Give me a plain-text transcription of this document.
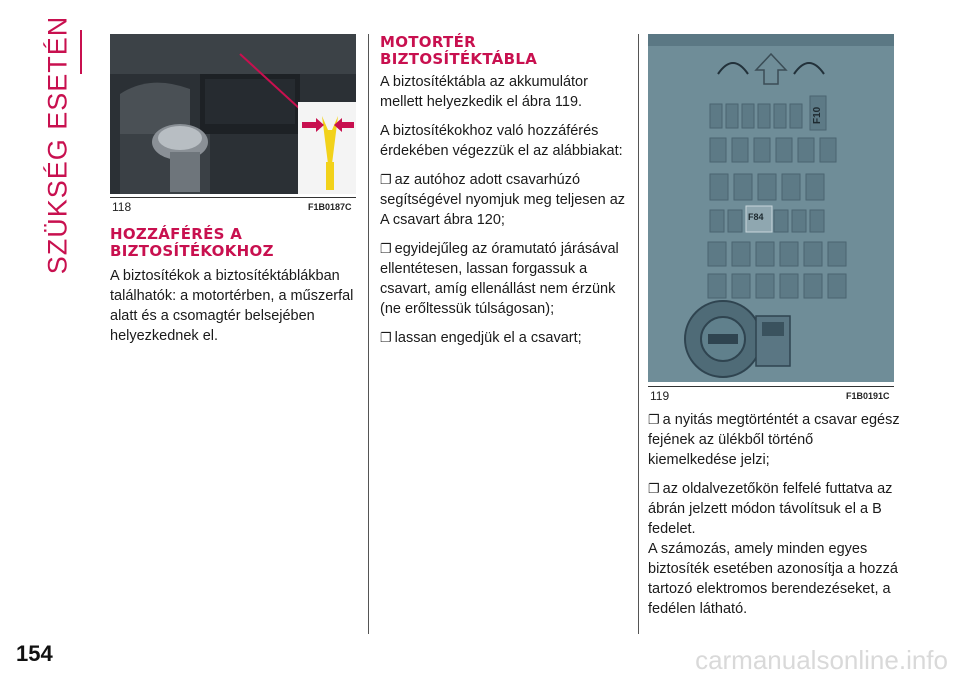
SZÜKSÉG ESETÉN
154
118	F1B0187C
HOZZÁFÉRÉS A
BIZTOSÍTÉKOKHOZ

A biztosítékok a biztosítéktáblákban találhatók: a motortérben, a műszerfal alatt és a csomagtér belsejében helyezkednek el.

MOTORTÉR
BIZTOSÍTÉKTÁBLA

A biztosítéktábla az akkumulátor mellett helyezkedik el ábra 119.

A biztosítékokhoz való hozzáférés érdekében végezzük el az alábbiakat:

❐ az autóhoz adott csavarhúzó segítségével nyomjuk meg teljesen az A csavart ábra 120;

❐ egyidejűleg az óramutató járásával ellentétesen, lassan forgassuk a csavart, amíg ellenállást nem érzünk (ne erőltessük túlságosan);

❐ lassan engedjük el a csavart;

F10
F84
119	F1B0191C

❐ a nyitás megtörténtét a csavar egész fejének az ülékből történő kiemelkedése jelzi;

❐ az oldalvezetőkön felfelé futtatva az ábrán jelzett módon távolítsuk el a B fedelet.

A számozás, amely minden egyes biztosíték esetében azonosítja a hozzá tartozó elektromos berendezéseket, a fedélen látható.

carmanualsonline.info
